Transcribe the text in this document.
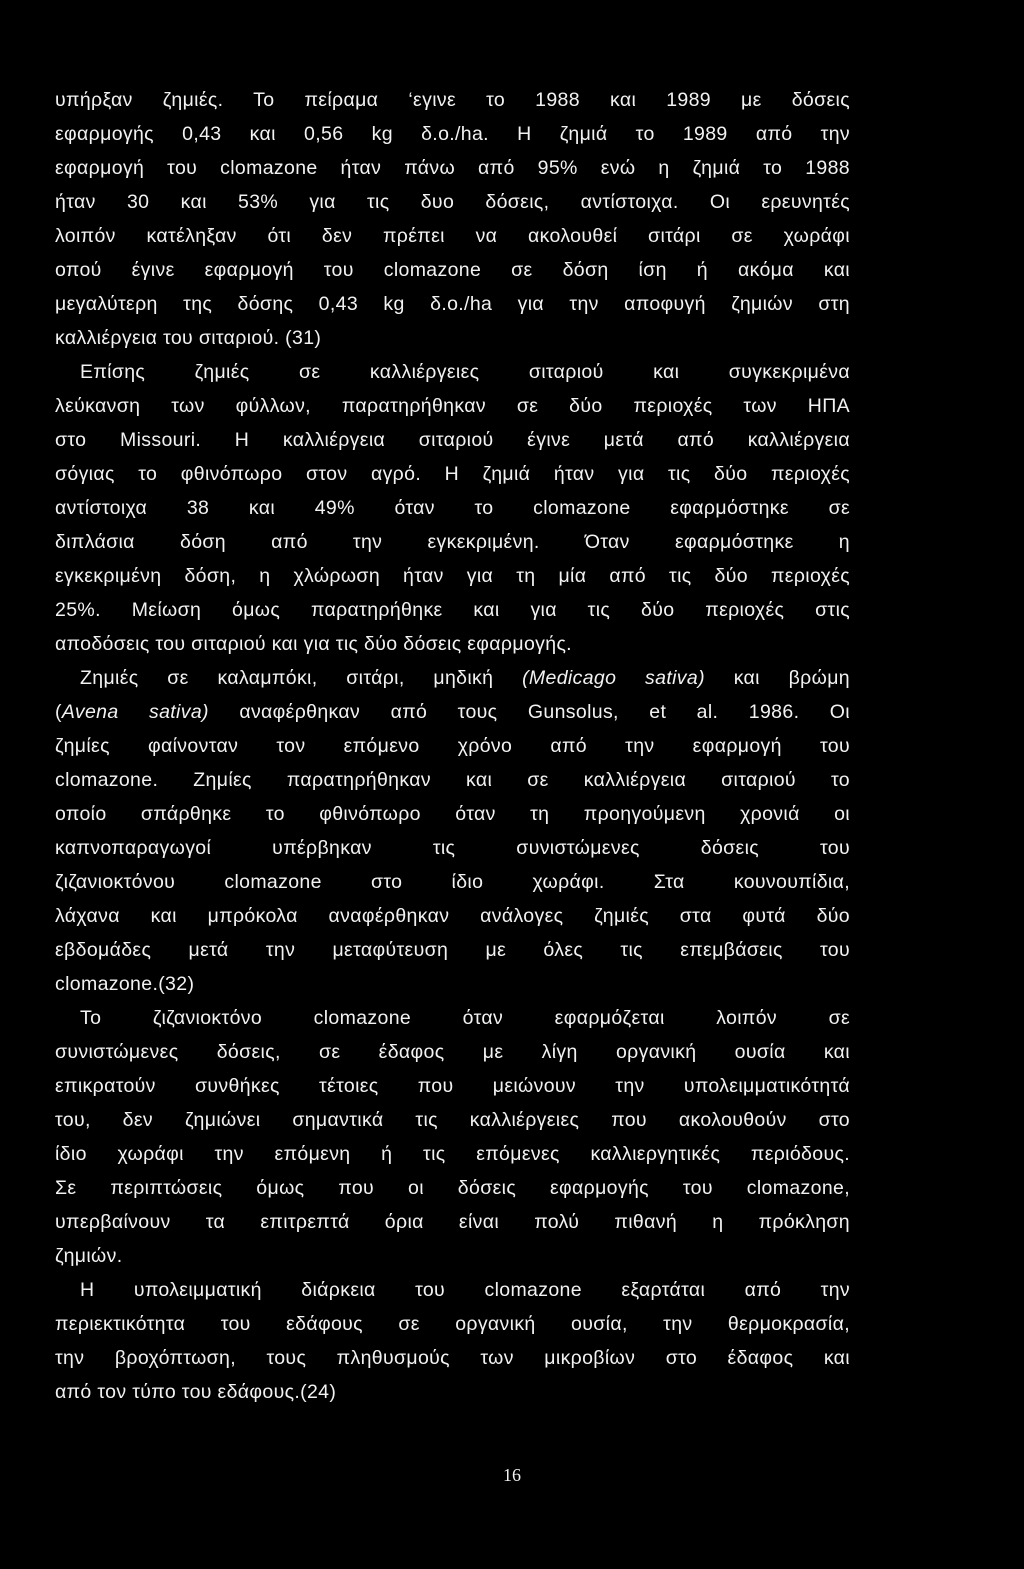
υπήρξαν ζημιές. Το πείραμα ‘εγινε το 1988 και 1989 με δόσεις
εφαρμογής 0,43 και 0,56 kg δ.ο./ha. Η ζημιά το 1989 από την
εφαρμογή του clomazone ήταν πάνω από 95% ενώ η ζημιά το 1988
ήταν 30 και 53% για τις δυο δόσεις, αντίστοιχα. Οι ερευνητές
λοιπόν κατέληξαν ότι δεν πρέπει να ακολουθεί σιτάρι σε χωράφι
οπού έγινε εφαρμογή του clomazone σε δόση ίση ή ακόμα και
μεγαλύτερη της δόσης 0,43 kg δ.ο./ha για την αποφυγή ζημιών στη
καλλιέργεια του σιταριού. (31)
Επίσης ζημιές σε καλλιέργειες σιταριού και συγκεκριμένα
λεύκανση των φύλλων, παρατηρήθηκαν σε δύο περιοχές των ΗΠΑ
στο Missouri. Η καλλιέργεια σιταριού έγινε μετά από καλλιέργεια
σόγιας το φθινόπωρο στον αγρό. Η ζημιά ήταν για τις δύο περιοχές
αντίστοιχα 38 και 49% όταν το clomazone εφαρμόστηκε σε
διπλάσια δόση από την εγκεκριμένη. Όταν εφαρμόστηκε η
εγκεκριμένη δόση, η χλώρωση ήταν για τη μία από τις δύο περιοχές
25%. Μείωση όμως παρατηρήθηκε και για τις δύο περιοχές στις
αποδόσεις του σιταριού και για τις δύο δόσεις εφαρμογής.
Ζημιές σε καλαμπόκι, σιτάρι, μηδική (Medicago sativa) και βρώμη
(Avena sativa) αναφέρθηκαν από τους Gunsolus, et al. 1986. Οι
ζημίες φαίνονταν τον επόμενο χρόνο από την εφαρμογή του
clomazone. Ζημίες παρατηρήθηκαν και σε καλλιέργεια σιταριού το
οποίο σπάρθηκε το φθινόπωρο όταν τη προηγούμενη χρονιά οι
καπνοπαραγωγοί υπέρβηκαν τις συνιστώμενες δόσεις του
ζιζανιοκτόνου clomazone στο ίδιο χωράφι. Στα κουνουπίδια,
λάχανα και μπρόκολα αναφέρθηκαν ανάλογες ζημιές στα φυτά δύο
εβδομάδες μετά την μεταφύτευση με όλες τις επεμβάσεις του
clomazone.(32)
Το ζιζανιοκτόνο clomazone όταν εφαρμόζεται λοιπόν σε
συνιστώμενες δόσεις, σε έδαφος με λίγη οργανική ουσία και
επικρατούν συνθήκες τέτοιες που μειώνουν την υπολειμματικότητά
του, δεν ζημιώνει σημαντικά τις καλλιέργειες που ακολουθούν στο
ίδιο χωράφι την επόμενη ή τις επόμενες καλλιεργητικές περιόδους.
Σε περιπτώσεις όμως που οι δόσεις εφαρμογής του clomazone,
υπερβαίνουν τα επιτρεπτά όρια είναι πολύ πιθανή η πρόκληση
ζημιών.
Η υπολειμματική διάρκεια του clomazone εξαρτάται από την
περιεκτικότητα του εδάφους σε οργανική ουσία, την θερμοκρασία,
την βροχόπτωση, τους πληθυσμούς των μικροβίων στο έδαφος και
από τον τύπο του εδάφους.(24)
16
